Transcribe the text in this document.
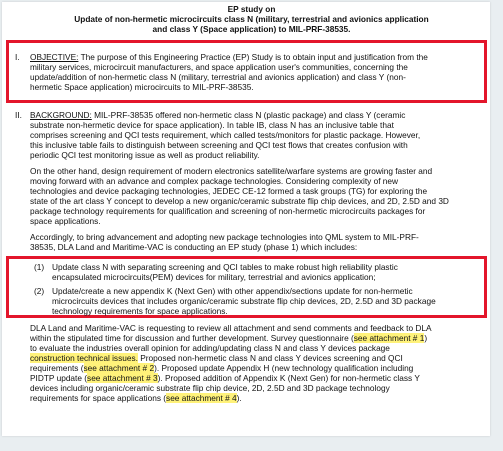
EP study on
Update of non-hermetic microcircuits class N (military, terrestrial and avionics application
and class Y (Space application) to MIL-PRF-38535.
I. OBJECTIVE: The purpose of this Engineering Practice (EP) Study is to obtain input and justification from the
military services, microcircuit manufacturers, and space application user's communities, concerning the
update/addition of non-hermetic class N (military, terrestrial and avionics application) and class Y (non-
hermetic Space application) microcircuits to MIL-PRF-38535.
II. BACKGROUND: MIL-PRF-38535 offered non-hermetic class N (plastic package) and class Y (ceramic
substrate non-hermetic device for space application). In table IB, class N has an inclusive table that
comprises screening and QCI tests requirement, which called tests/monitors for plastic package. However,
this inclusive table fails to distinguish between screening and QCI test flows that creates confusion with
periodic QCI test monitoring issue as well as product reliability.
On the other hand, design requirement of modern electronics satellite/warfare systems are growing faster and
moving forward with an advance and complex package technologies. Considering complexity of new
technologies and device packaging technologies, JEDEC CE-12 formed a task groups (TG) for exploring the
state of the art class Y concept to develop a new organic/ceramic substrate flip chip devices, and 2D, 2.5D and 3D
package technology requirements for qualification and screening of non-hermetic microcircuits packages for
space applications.
Accordingly, to bring advancement and adopting new package technologies into QML system to MIL-PRF-
38535, DLA Land and Maritime-VAC is conducting an EP study (phase 1) which includes:
(1) Update class N with separating screening and QCI tables to make robust high reliability plastic
encapsulated microcircuits(PEM) devices for military, terrestrial and avionics application;
(2) Update/create a new appendix K (Next Gen) with other appendix/sections update for non-hermetic
microcircuits devices that includes organic/ceramic substrate flip chip devices, 2D, 2.5D and 3D package
technology requirements for space applications.
DLA Land and Maritime-VAC is requesting to review all attachment and send comments and feedback to DLA
within the stipulated time for discussion and further development. Survey questionnaire (see attachment # 1)
to evaluate the industries overall opinion for adding/updating class N and class Y devices package
construction technical issues. Proposed non-hermetic class N and class Y devices screening and QCI
requirements (see attachment # 2). Proposed update Appendix H (new technology qualification including
PIDTP update (see attachment # 3). Proposed addition of Appendix K (Next Gen) for non-hermetic class Y
devices including organic/ceramic substrate flip chip device, 2D, 2.5D and 3D package technology
requirements for space applications (see attachment # 4).
